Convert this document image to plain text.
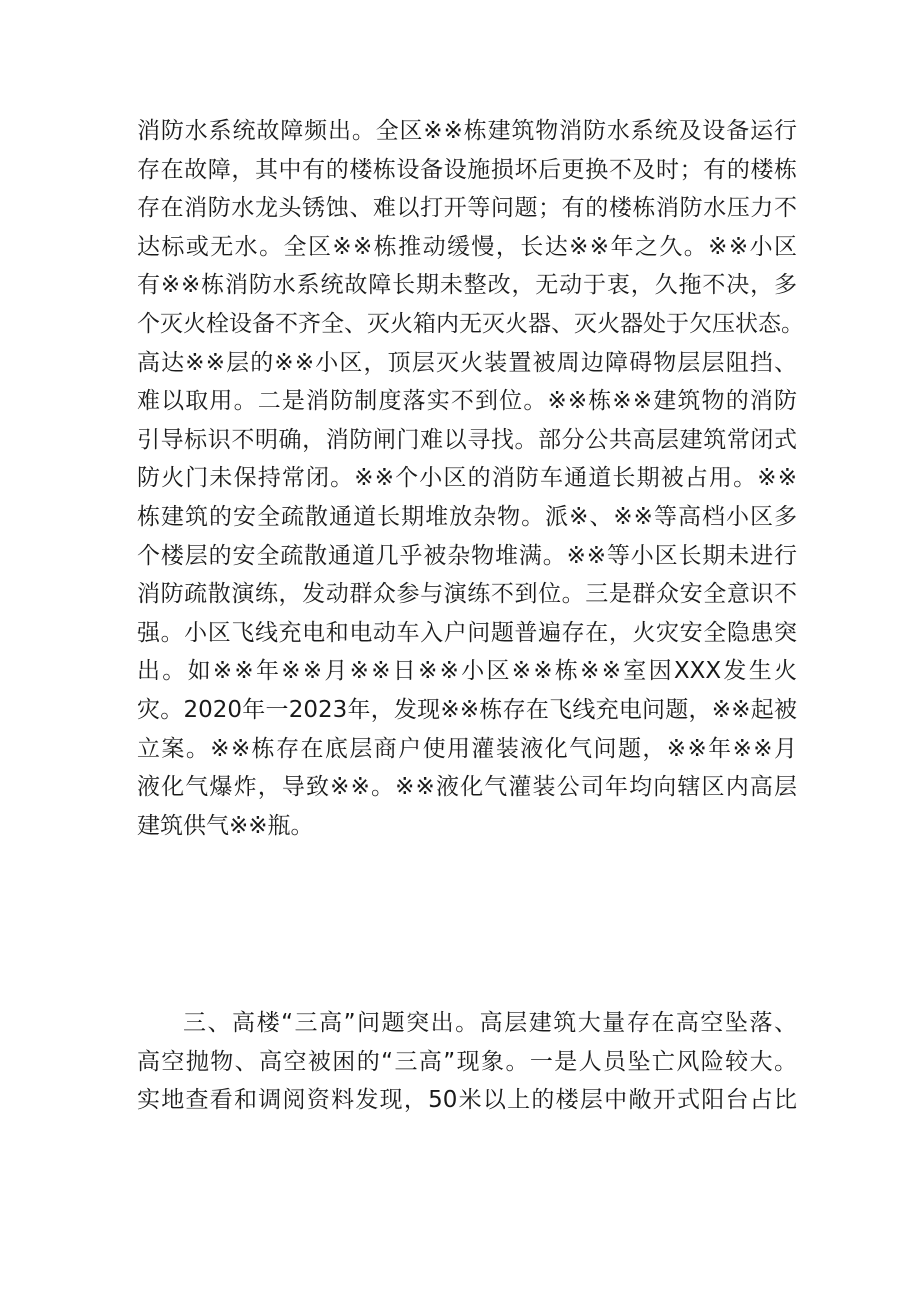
消防水系统故障频出。全区※※栋建筑物消防水系统及设备运行
存在故障，其中有的楼栋设备设施损坏后更换不及时；有的楼栋
存在消防水龙头锈蚀、难以打开等问题；有的楼栋消防水压力不
达标或无水。全区※※栋推动缓慢，长达※※年之久。※※小区
有※※栋消防水系统故障长期未整改，无动于衷，久拖不决，多
个灭火栓设备不齐全、灭火箱内无灭火器、灭火器处于欠压状态。
高达※※层的※※小区，顶层灭火装置被周边障碍物层层阻挡、
难以取用。二是消防制度落实不到位。※※栋※※建筑物的消防
引导标识不明确，消防闸门难以寻找。部分公共高层建筑常闭式
防火门未保持常闭。※※个小区的消防车通道长期被占用。※※
栋建筑的安全疏散通道长期堆放杂物。派※、※※等高档小区多
个楼层的安全疏散通道几乎被杂物堆满。※※等小区长期未进行
消防疏散演练，发动群众参与演练不到位。三是群众安全意识不
强。小区飞线充电和电动车入户问题普遍存在，火灾安全隐患突
出。如※※年※※月※※日※※小区※※栋※※室因XXX发生火
灾。2020年一2023年，发现※※栋存在飞线充电问题，※※起被
立案。※※栋存在底层商户使用灌装液化气问题，※※年※※月
液化气爆炸，导致※※。※※液化气灌装公司年均向辖区内高层
建筑供气※※瓶。
三、高楼“三高”问题突出。高层建筑大量存在高空坠落、
高空抛物、高空被困的“三高”现象。一是人员坠亡风险较大。
实地查看和调阅资料发现，50米以上的楼层中敞开式阳台占比
